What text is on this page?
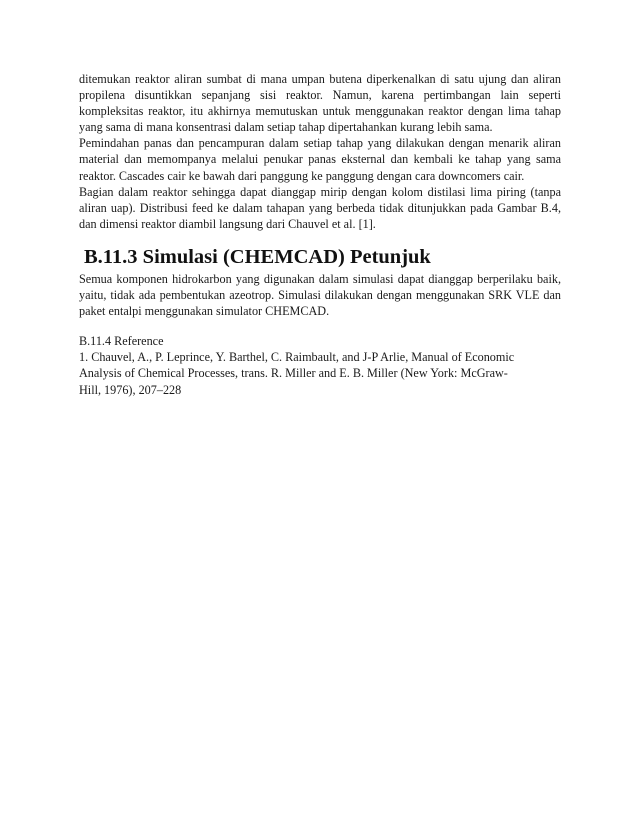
ditemukan reaktor aliran sumbat di mana umpan butena diperkenalkan di satu ujung dan aliran
propilena disuntikkan sepanjang sisi reaktor. Namun, karena pertimbangan lain seperti
kompleksitas reaktor, itu akhirnya memutuskan untuk menggunakan reaktor dengan lima tahap
yang sama di mana konsentrasi dalam setiap tahap dipertahankan kurang lebih sama.
Pemindahan panas dan pencampuran dalam setiap tahap yang dilakukan dengan menarik aliran
material dan memompanya melalui penukar panas eksternal dan kembali ke tahap yang sama
reaktor. Cascades cair ke bawah dari panggung ke panggung dengan cara downcomers cair.
Bagian dalam reaktor sehingga dapat dianggap mirip dengan kolom distilasi lima piring (tanpa
aliran uap). Distribusi feed ke dalam tahapan yang berbeda tidak ditunjukkan pada Gambar B.4,
dan dimensi reaktor diambil langsung dari Chauvel et al. [1].

B.11.3 Simulasi (CHEMCAD) Petunjuk

Semua komponen hidrokarbon yang digunakan dalam simulasi dapat dianggap berperilaku baik,
yaitu, tidak ada pembentukan azeotrop. Simulasi dilakukan dengan menggunakan SRK VLE dan
paket entalpi menggunakan simulator CHEMCAD.

B.11.4 Reference
1. Chauvel, A., P. Leprince, Y. Barthel, C. Raimbault, and J-P Arlie, Manual of Economic
Analysis of Chemical Processes, trans. R. Miller and E. B. Miller (New York: McGraw-
Hill, 1976), 207–228
